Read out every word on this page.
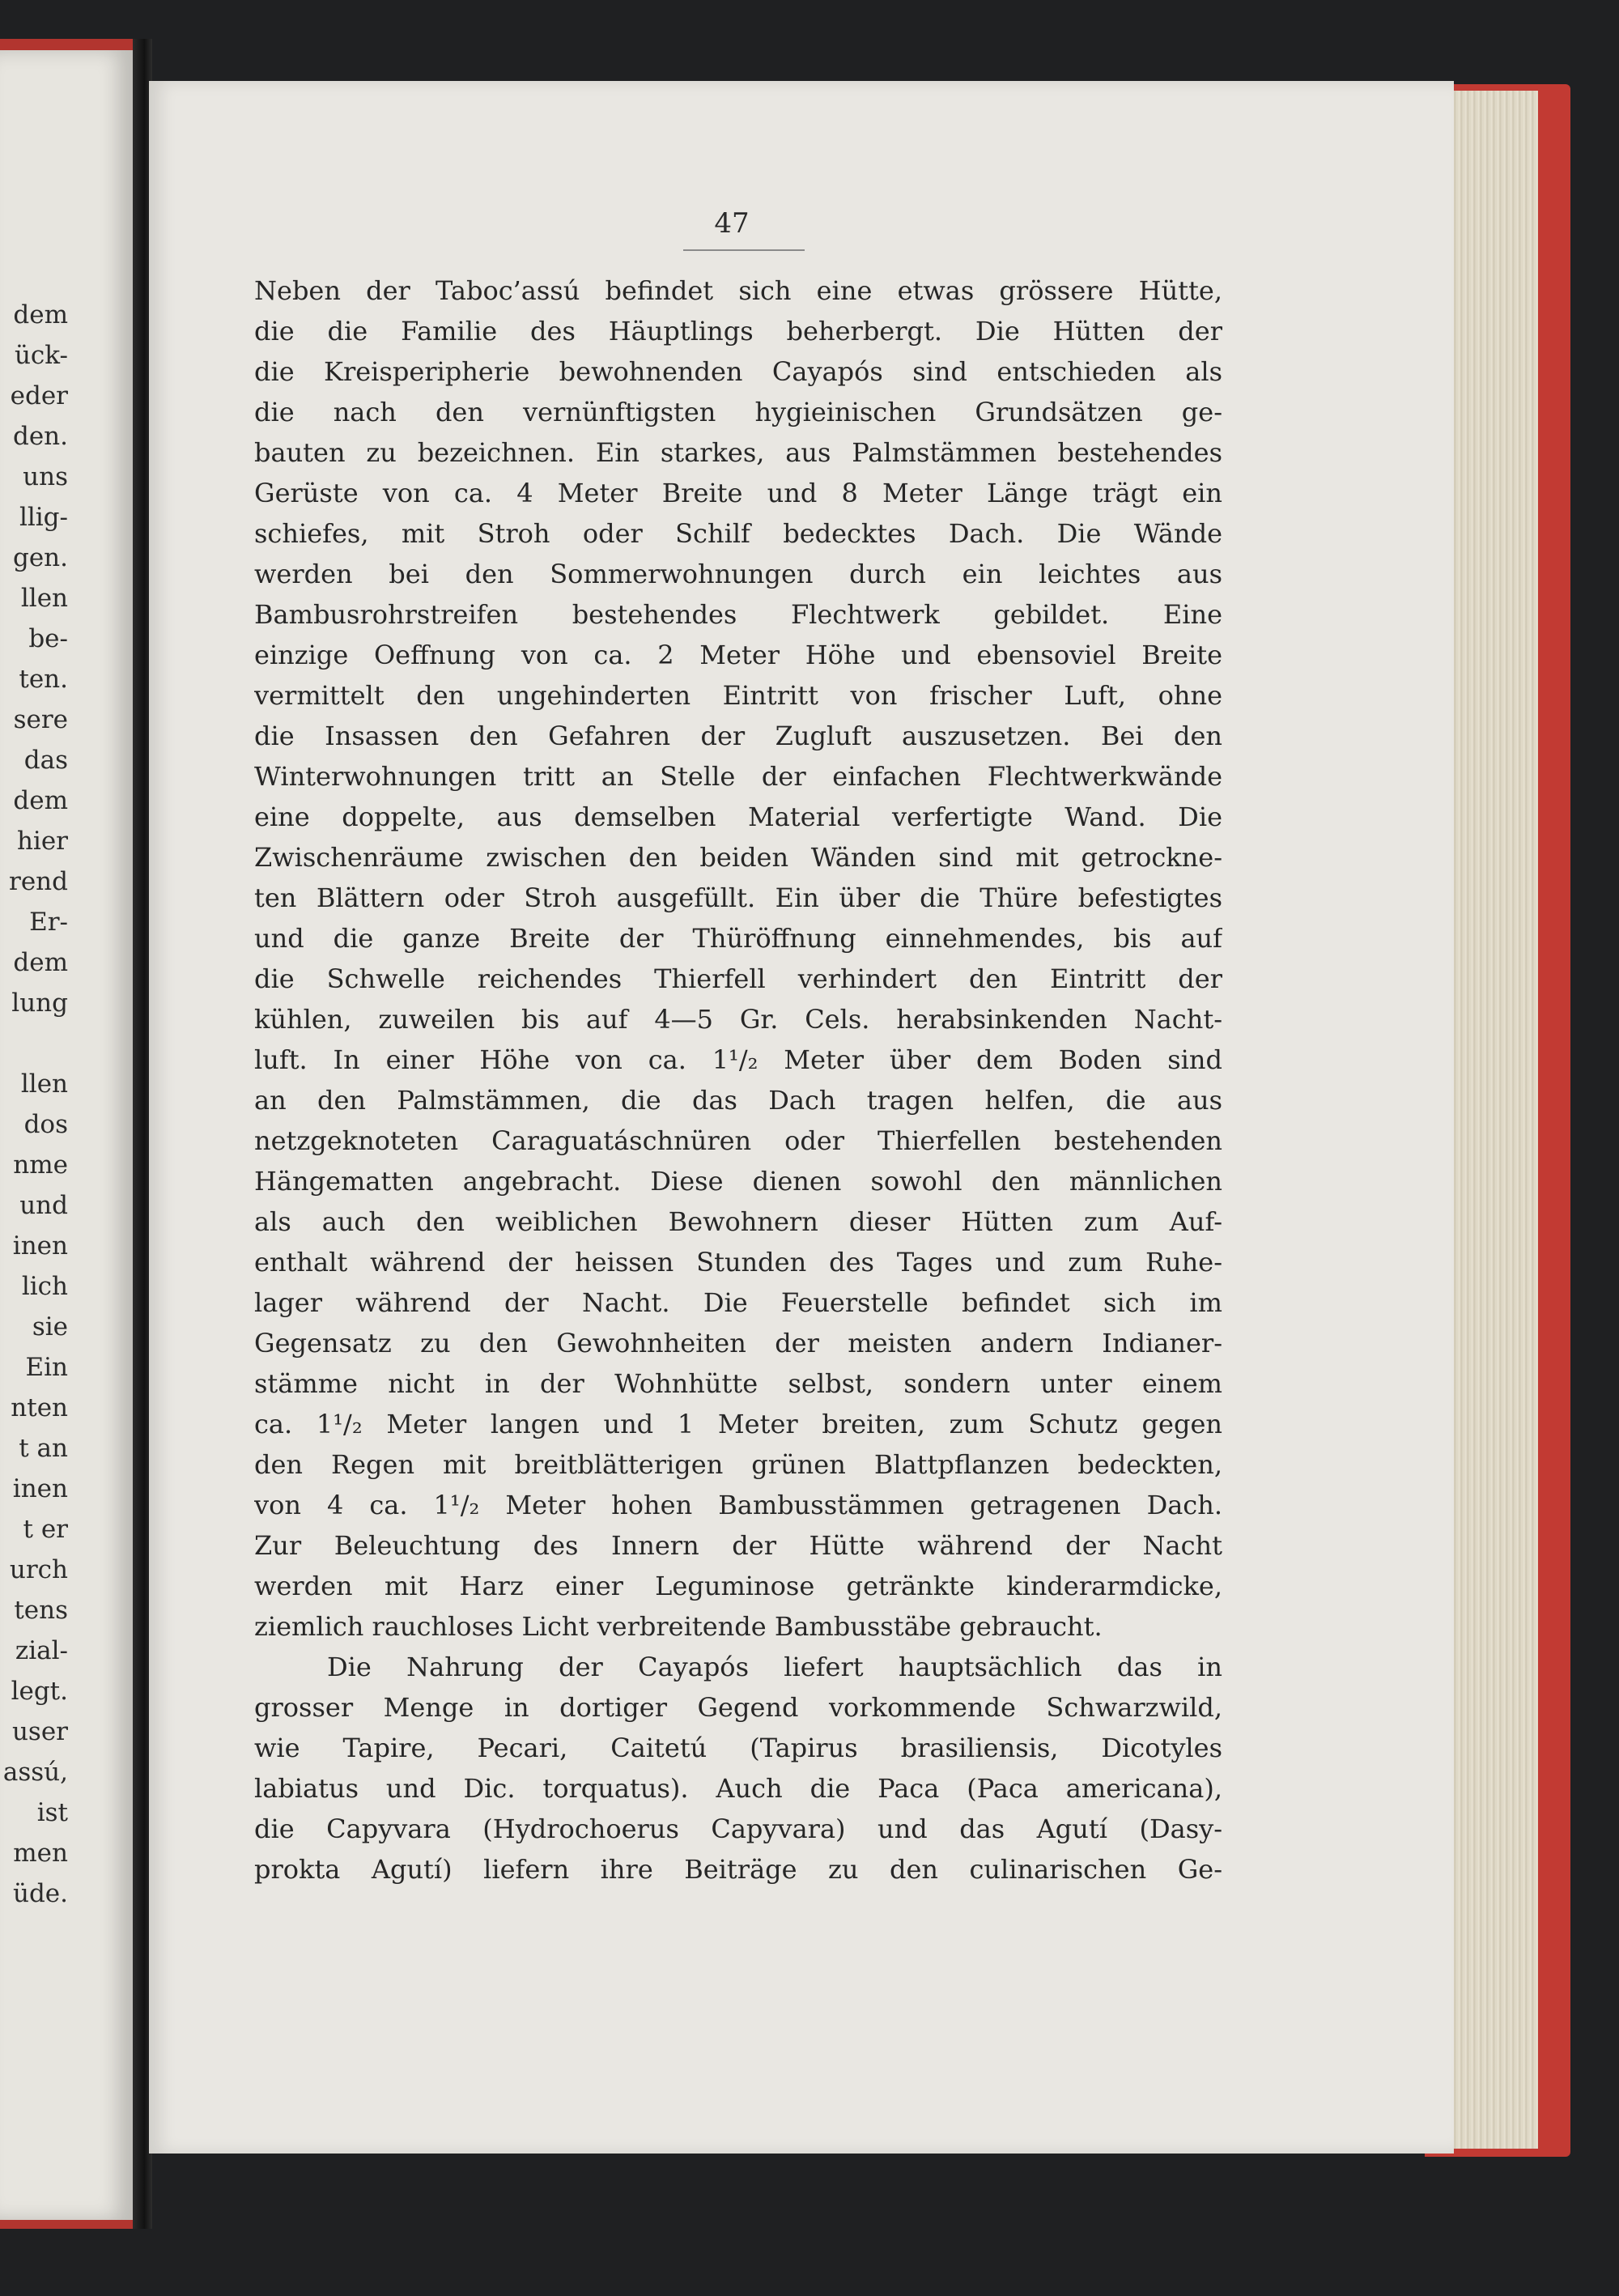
dem
ück-
eder
den.
uns
llig-
gen.
llen
be-
ten.
sere
das
dem
hier
rend
Er-
dem
lung
llen
dos
nme
und
inen
lich
sie
Ein
nten
t an
inen
t er
urch
tens
zial-
legt.
user
assú,
ist
men
üde.
47
Neben der Taboc’assú befindet sich eine etwas grössere Hütte,
die die Familie des Häuptlings beherbergt. Die Hütten der
die Kreisperipherie bewohnenden Cayapós sind entschieden als
die nach den vernünftigsten hygieinischen Grundsätzen ge-
bauten zu bezeichnen. Ein starkes, aus Palmstämmen bestehendes
Gerüste von ca. 4 Meter Breite und 8 Meter Länge trägt ein
schiefes, mit Stroh oder Schilf bedecktes Dach. Die Wände
werden bei den Sommerwohnungen durch ein leichtes aus
Bambusrohrstreifen bestehendes Flechtwerk gebildet. Eine
einzige Oeffnung von ca. 2 Meter Höhe und ebensoviel Breite
vermittelt den ungehinderten Eintritt von frischer Luft, ohne
die Insassen den Gefahren der Zugluft auszusetzen. Bei den
Winterwohnungen tritt an Stelle der einfachen Flechtwerkwände
eine doppelte, aus demselben Material verfertigte Wand. Die
Zwischenräume zwischen den beiden Wänden sind mit getrockne-
ten Blättern oder Stroh ausgefüllt. Ein über die Thüre befestigtes
und die ganze Breite der Thüröffnung einnehmendes, bis auf
die Schwelle reichendes Thierfell verhindert den Eintritt der
kühlen, zuweilen bis auf 4—5 Gr. Cels. herabsinkenden Nacht-
luft. In einer Höhe von ca. 1¹/₂ Meter über dem Boden sind
an den Palmstämmen, die das Dach tragen helfen, die aus
netzgeknoteten Caraguatáschnüren oder Thierfellen bestehenden
Hängematten angebracht. Diese dienen sowohl den männlichen
als auch den weiblichen Bewohnern dieser Hütten zum Auf-
enthalt während der heissen Stunden des Tages und zum Ruhe-
lager während der Nacht. Die Feuerstelle befindet sich im
Gegensatz zu den Gewohnheiten der meisten andern Indianer-
stämme nicht in der Wohnhütte selbst, sondern unter einem
ca. 1¹/₂ Meter langen und 1 Meter breiten, zum Schutz gegen
den Regen mit breitblätterigen grünen Blattpflanzen bedeckten,
von 4 ca. 1¹/₂ Meter hohen Bambusstämmen getragenen Dach.
Zur Beleuchtung des Innern der Hütte während der Nacht
werden mit Harz einer Leguminose getränkte kinderarmdicke,
ziemlich rauchloses Licht verbreitende Bambusstäbe gebraucht.
Die Nahrung der Cayapós liefert hauptsächlich das in
grosser Menge in dortiger Gegend vorkommende Schwarzwild,
wie Tapire, Pecari, Caitetú (Tapirus brasiliensis, Dicotyles
labiatus und Dic. torquatus). Auch die Paca (Paca americana),
die Capyvara (Hydrochoerus Capyvara) und das Agutí (Dasy-
prokta Agutí) liefern ihre Beiträge zu den culinarischen Ge-
